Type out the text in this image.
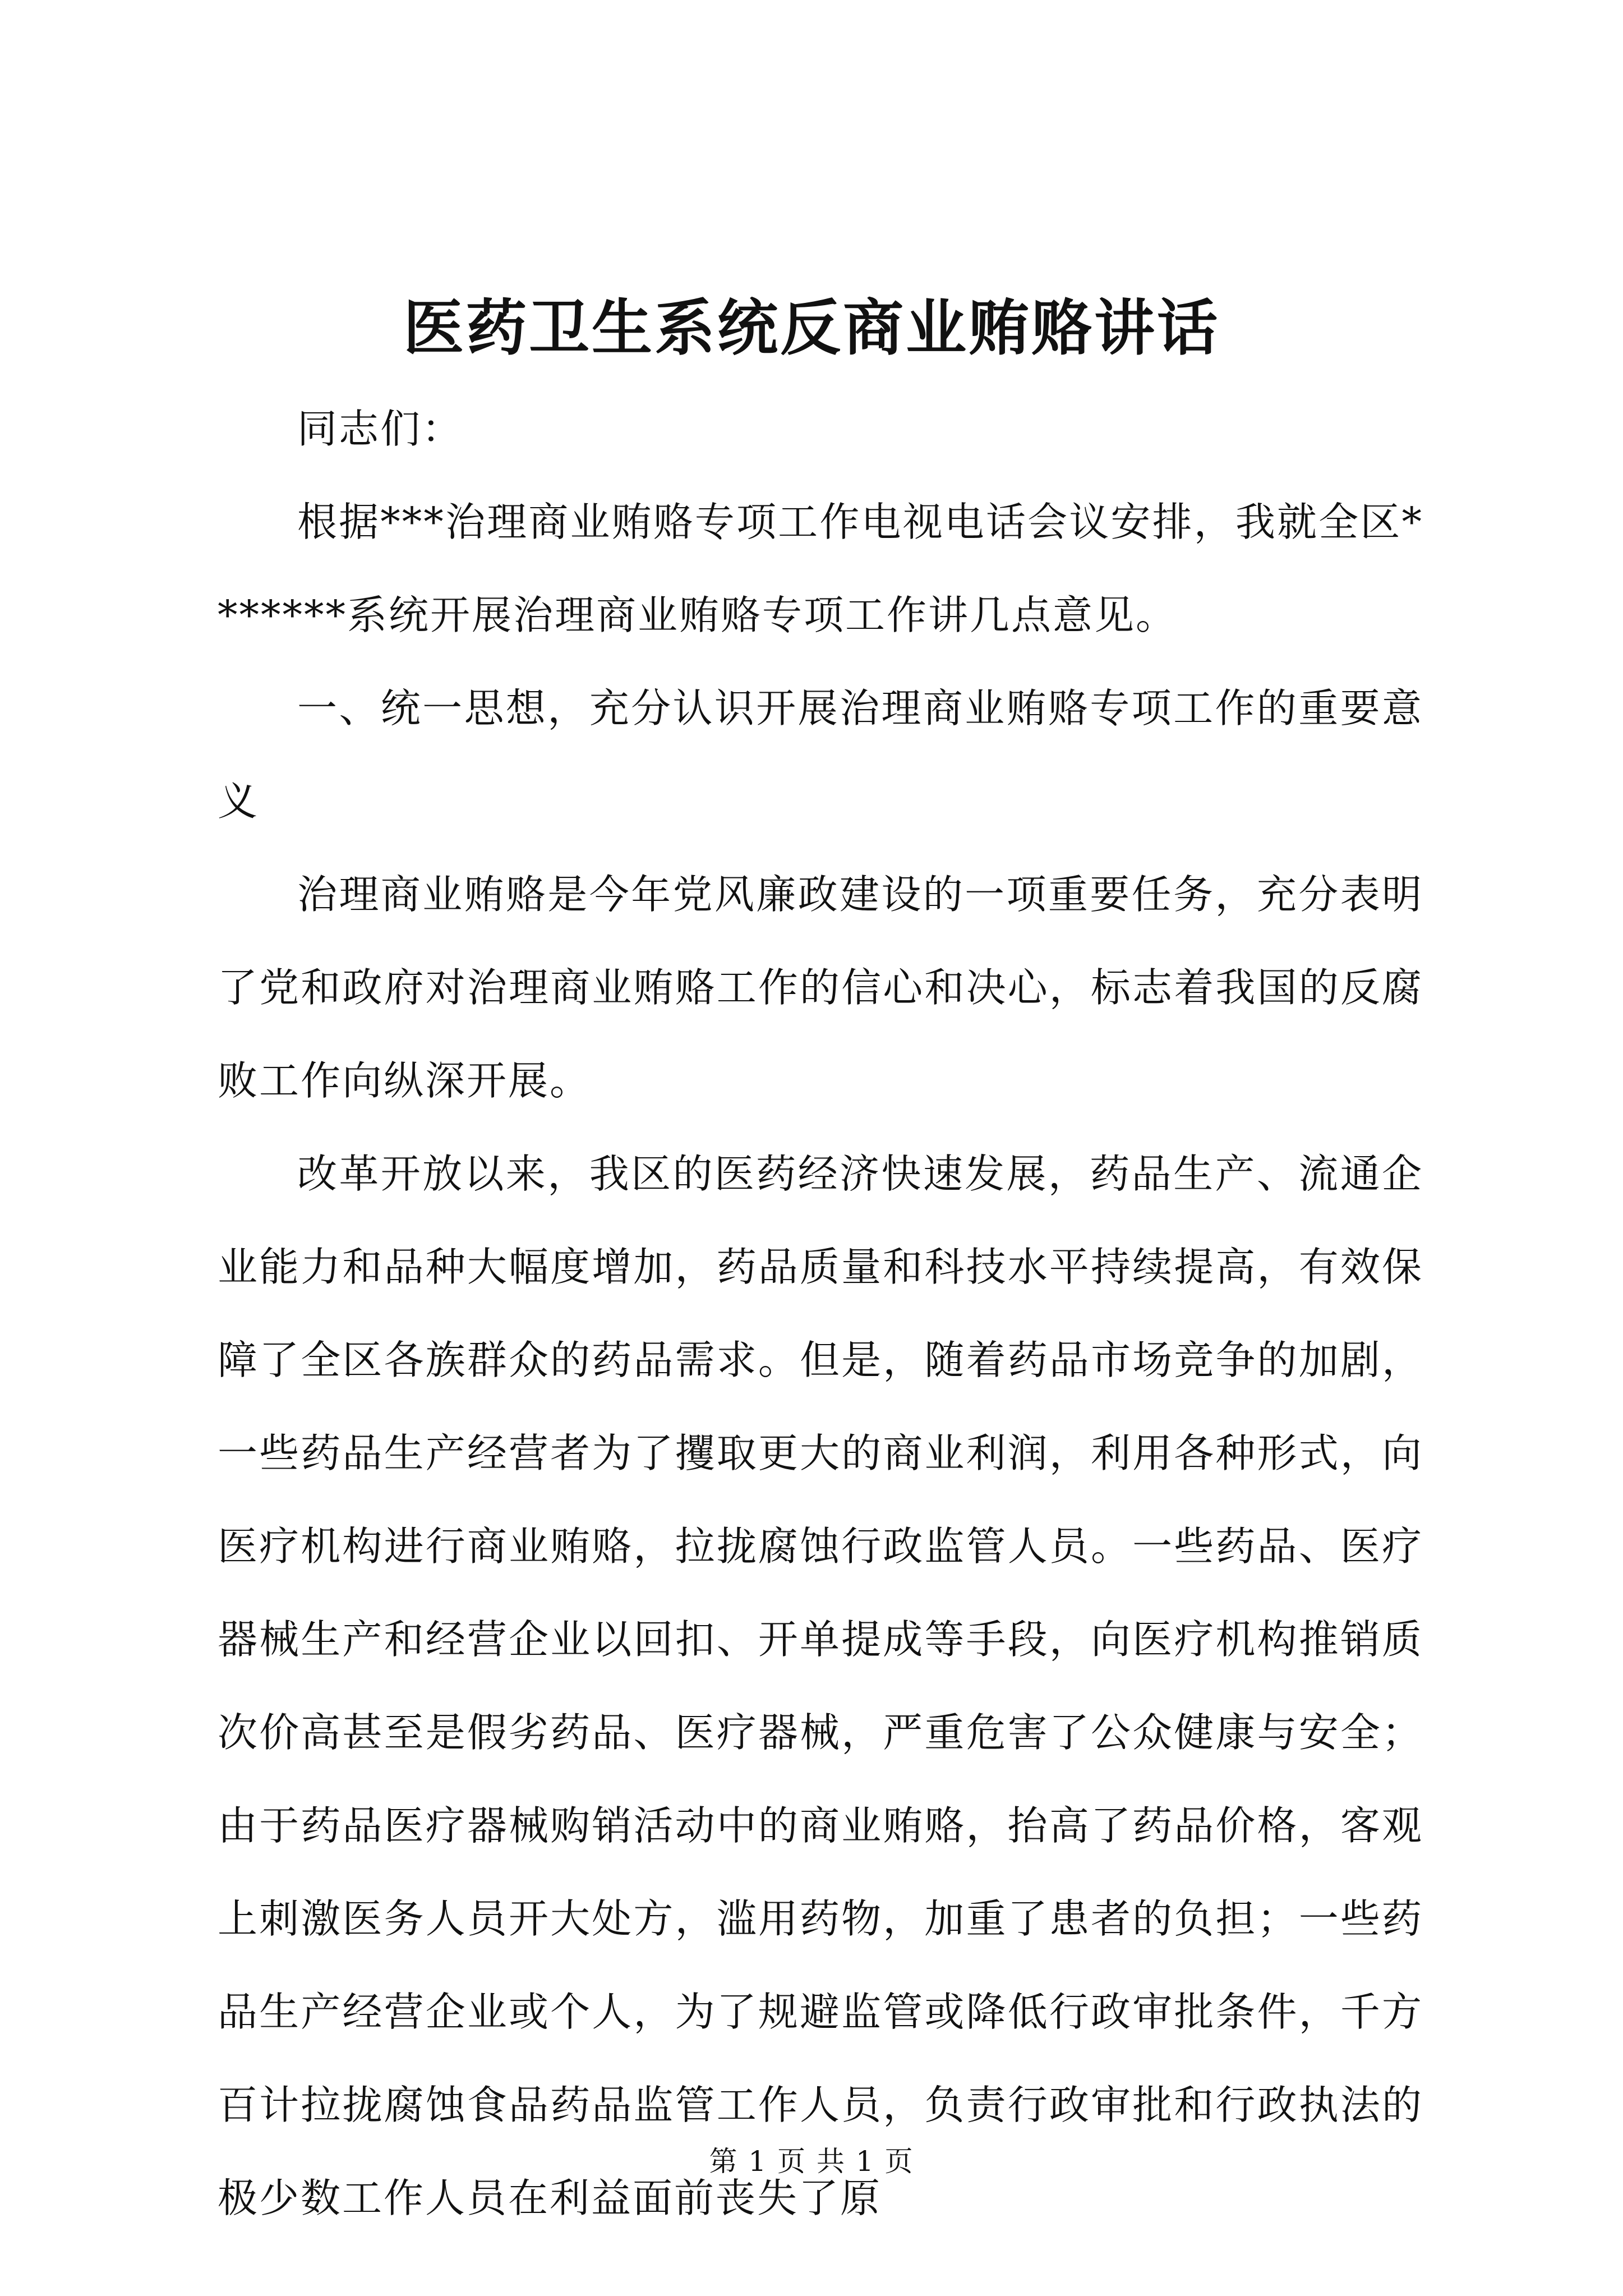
医药卫生系统反商业贿赂讲话

同志们：

根据***治理商业贿赂专项工作电视电话会议安排，我就全区*******系统开展治理商业贿赂专项工作讲几点意见。

一、统一思想，充分认识开展治理商业贿赂专项工作的重要意义

治理商业贿赂是今年党风廉政建设的一项重要任务，充分表明了党和政府对治理商业贿赂工作的信心和决心，标志着我国的反腐败工作向纵深开展。

改革开放以来，我区的医药经济快速发展，药品生产、流通企业能力和品种大幅度增加，药品质量和科技水平持续提高，有效保障了全区各族群众的药品需求。但是，随着药品市场竞争的加剧，一些药品生产经营者为了攫取更大的商业利润，利用各种形式，向医疗机构进行商业贿赂，拉拢腐蚀行政监管人员。一些药品、医疗器械生产和经营企业以回扣、开单提成等手段，向医疗机构推销质次价高甚至是假劣药品、医疗器械，严重危害了公众健康与安全；由于药品医疗器械购销活动中的商业贿赂，抬高了药品价格，客观上刺激医务人员开大处方，滥用药物，加重了患者的负担；一些药品生产经营企业或个人，为了规避监管或降低行政审批条件，千方百计拉拢腐蚀食品药品监管工作人员，负责行政审批和行政执法的极少数工作人员在利益面前丧失了原

第 1 页 共 1 页
